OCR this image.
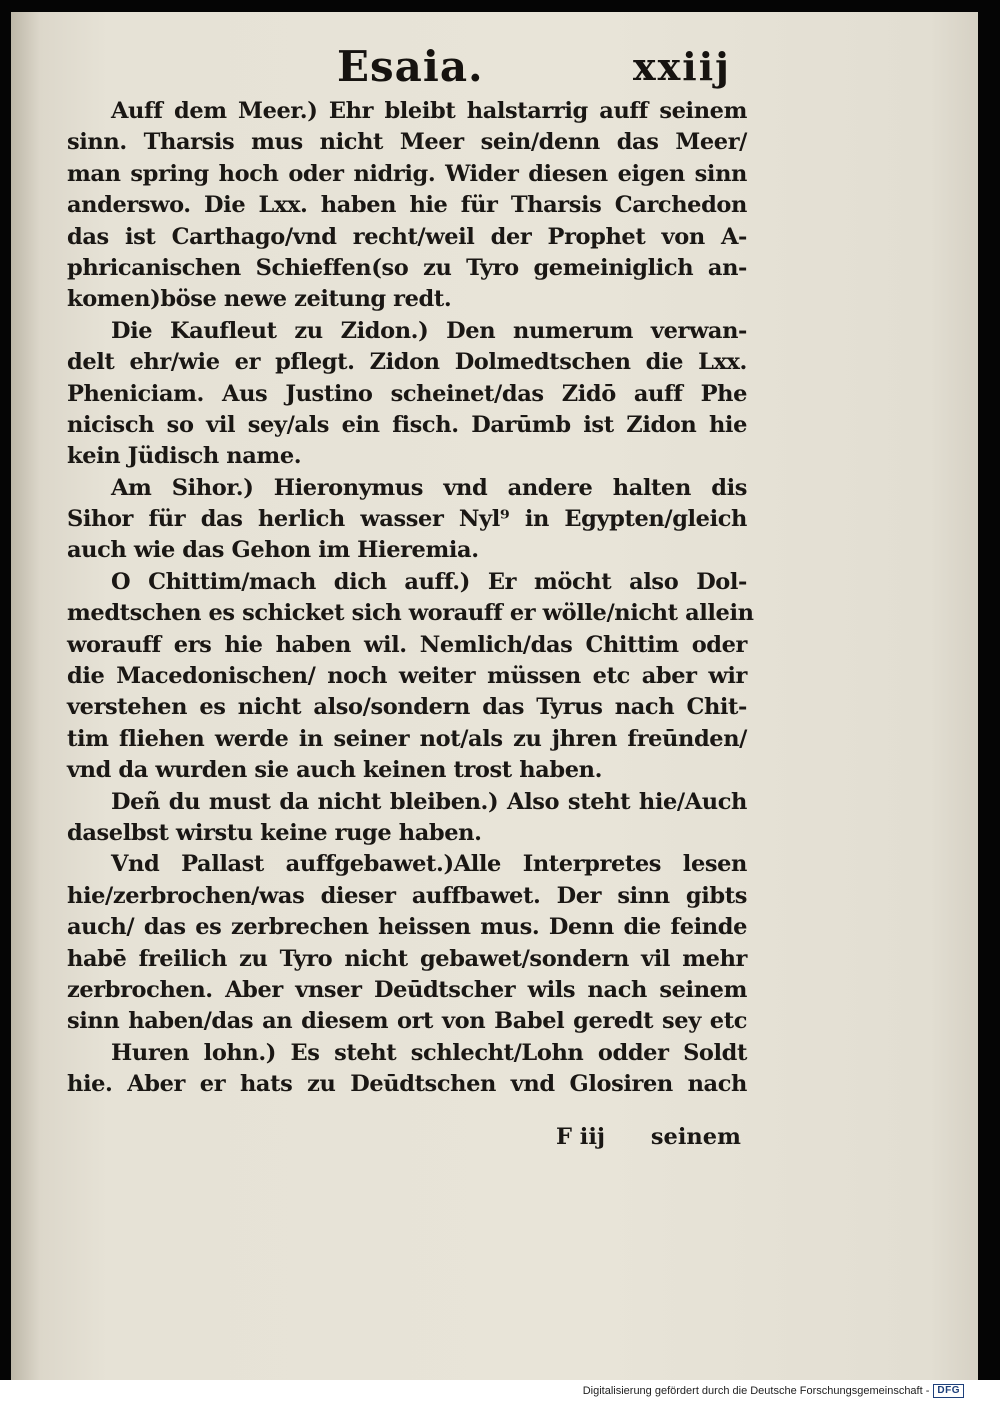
Esaia.	xxiij
Auff dem Meer.) Ehr bleibt halstarrig auff seinem
sinn. Tharsis mus nicht Meer sein/denn das Meer/
man spring hoch oder nidrig. Wider diesen eigen sinn
anderswo. Die Lxx. haben hie für Tharsis Carchedon
das ist Carthago/vnd recht/weil der Prophet von A-
phricanischen Schieffen(so zu Tyro gemeiniglich an-
komen)böse newe zeitung redt.
Die Kaufleut zu Zidon.) Den numerum verwan-
delt ehr/wie er pflegt. Zidon Dolmedtschen die Lxx.
Pheniciam. Aus Justino scheinet/das Zidō auff Phe
nicisch so vil sey/als ein fisch. Darūmb ist Zidon hie
kein Jüdisch name.
Am Sihor.) Hieronymus vnd andere halten dis
Sihor für das herlich wasser Nyl⁹ in Egypten/gleich
auch wie das Gehon im Hieremia.
O Chittim/mach dich auff.) Er möcht also Dol-
medtschen es schicket sich worauff er wölle/nicht allein
worauff ers hie haben wil. Nemlich/das Chittim oder
die Macedonischen/ noch weiter müssen etc aber wir
verstehen es nicht also/sondern das Tyrus nach Chit-
tim fliehen werde in seiner not/als zu jhren freūnden/
vnd da wurden sie auch keinen trost haben.
Deñ du must da nicht bleiben.) Also steht hie/Auch
daselbst wirstu keine ruge haben.
Vnd Pallast auffgebawet.)Alle Interpretes lesen
hie/zerbrochen/was dieser auffbawet. Der sinn gibts
auch/ das es zerbrechen heissen mus. Denn die feinde
habē freilich zu Tyro nicht gebawet/sondern vil mehr
zerbrochen. Aber vnser Deūdtscher wils nach seinem
sinn haben/das an diesem ort von Babel geredt sey etc
Huren lohn.) Es steht schlecht/Lohn odder Soldt
hie. Aber er hats zu Deūdtschen vnd Glosiren nach
F iij seinem
Digitalisierung gefördert durch die Deutsche Forschungsgemeinschaft - DFG
